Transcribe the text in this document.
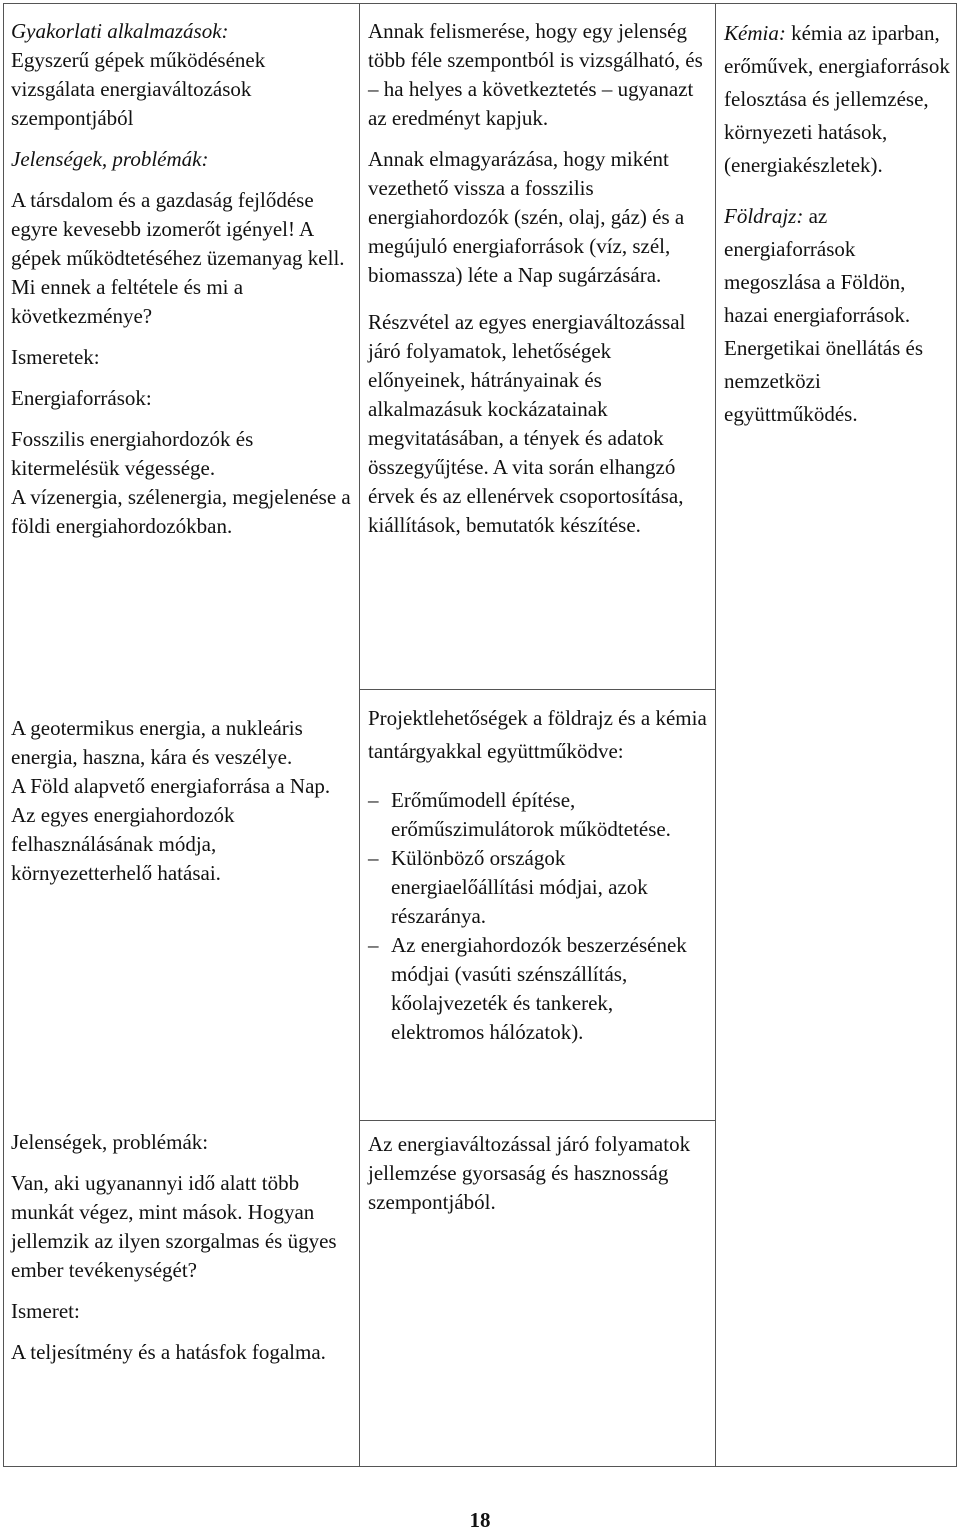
Gyakorlati alkalmazások:

Egyszerű gépek működésének vizsgálata energiaváltozások szempontjából

Jelenségek, problémák:

A társdalom és a gazdaság fejlődése egyre kevesebb izomerőt igényel! A gépek működtetéséhez üzemanyag kell. Mi ennek a feltétele és mi a következménye?

Ismeretek:

Energiaforrások:

Fosszilis energiahordozók és kitermelésük végessége.

A vízenergia, szélenergia, megjelenése a földi energiahordozókban.

Annak felismerése, hogy egy jelenség több féle szempontból is vizsgálható, és – ha helyes a következtetés – ugyanazt az eredményt kapjuk.

Annak elmagyarázása, hogy miként vezethető vissza a fosszilis energiahordozók (szén, olaj, gáz) és a megújuló energiaforrások (víz, szél, biomassza) léte a Nap sugárzására.

Részvétel az egyes energiaváltozással járó folyamatok, lehetőségek előnyeinek, hátrányainak és alkalmazásuk kockázatainak megvitatásában, a tények és adatok összegyűjtése. A vita során elhangzó érvek és az ellenérvek csoportosítása, kiállítások, bemutatók készítése.

Kémia: kémia az iparban, erőművek, energiaforrások felosztása és jellemzése, környezeti hatások, (energiakészletek).

Földrajz: az energiaforrások megoszlása a Földön, hazai energiaforrások. Energetikai önellátás és nemzetközi együttműködés.

A geotermikus energia, a nukleáris energia, haszna, kára és veszélye.

A Föld alapvető energiaforrása a Nap.

Az egyes energiahordozók felhasználásának módja, környezetterhelő hatásai.

Projektlehetőségek a földrajz és a kémia tantárgyakkal együttműködve:

– Erőműmodell építése, erőműszimulátorok működtetése.

– Különböző országok energiaelőállítási módjai, azok részaránya.

– Az energiahordozók beszerzésének módjai (vasúti szénszállítás, kőolajvezeték és tankerek, elektromos hálózatok).

Jelenségek, problémák:

Van, aki ugyanannyi idő alatt több munkát végez, mint mások. Hogyan jellemzik az ilyen szorgalmas és ügyes ember tevékenységét?

Ismeret:

A teljesítmény és a hatásfok fogalma.

Az energiaváltozással járó folyamatok jellemzése gyorsaság és hasznosság szempontjából.

18
